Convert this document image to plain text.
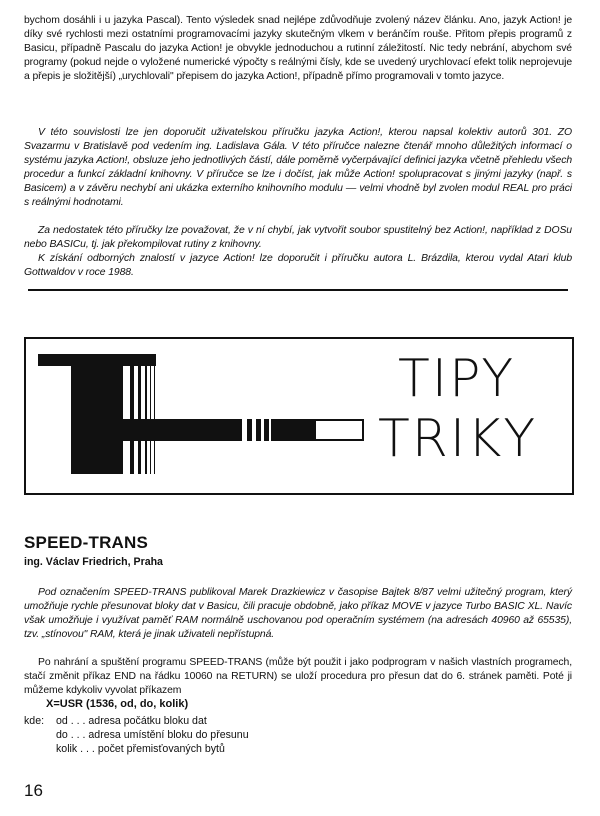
bychom dosáhli i u jazyka Pascal). Tento výsledek snad nejlépe zdůvodňuje zvolený název článku. Ano, jazyk Action! je díky své rychlosti mezi ostatními programovacími jazyky skutečným vlkem v beránčím rouše. Přitom přepis programů z Basicu, případně Pascalu do jazyka Action! je obvykle jednoduchou a rutinní záležitostí. Nic tedy nebrání, abychom své programy (pokud nejde o vyložené numerické výpočty s reálnými čísly, kde se uvedený urychlovací efekt tolik neprojevuje a přepis je složitější) „urychlovali" přepisem do jazyka Action!, případně přímo programovali v tomto jazyce.

V této souvislosti lze jen doporučit uživatelskou příručku jazyka Action!, kterou napsal kolektiv autorů 301. ZO Svazarmu v Bratislavě pod vedením ing. Ladislava Gála. V této příručce nalezne čtenář mnoho důležitých informací o systému jazyka Action!, obsluze jeho jednotlivých částí, dále poměrně vyčerpávající definici jazyka včetně přehledu všech procedur a funkcí základní knihovny. V příručce se lze i dočíst, jak může Action! spolupracovat s jinými jazyky (např. s Basicem) a v závěru nechybí ani ukázka externího knihovního modulu — velmi vhodně byl zvolen modul REAL pro práci s reálnými hodnotami.

Za nedostatek této příručky lze považovat, že v ní chybí, jak vytvořit soubor spustitelný bez Action!, například z DOSu nebo BASICu, tj. jak překompilovat rutiny z knihovny.

K získání odborných znalostí v jazyce Action! lze doporučit i příručku autora L. Brázdila, kterou vydal Atari klub Gottwaldov v roce 1988.

TIPY
TRIKY
SPEED-TRANS
ing. Václav Friedrich, Praha

Pod označením SPEED-TRANS publikoval Marek Drazkiewicz v časopise Bajtek 8/87 velmi užitečný program, který umožňuje rychle přesunovat bloky dat v Basicu, čili pracuje obdobně, jako příkaz MOVE v jazyce Turbo BASIC XL. Navíc však umožňuje i využívat paměť RAM normálně uschovanou pod operačním systémem (na adresách 40960 až 65535), tzv. „stínovou" RAM, která je jinak uživateli nepřístupná.

Po nahrání a spuštění programu SPEED-TRANS (může být použit i jako podprogram v našich vlastních programech, stačí změnit příkaz END na řádku 10060 na RETURN) se uloží procedura pro přesun dat do 6. stránek paměti. Poté ji můžeme kdykoliv vyvolat příkazem

X=USR (1536, od, do, kolik)
kde:	od
. . . adresa počátku bloku dat
do
. . . adresa umístění bloku do přesunu
kolik
. . . počet přemisťovaných bytů
16
